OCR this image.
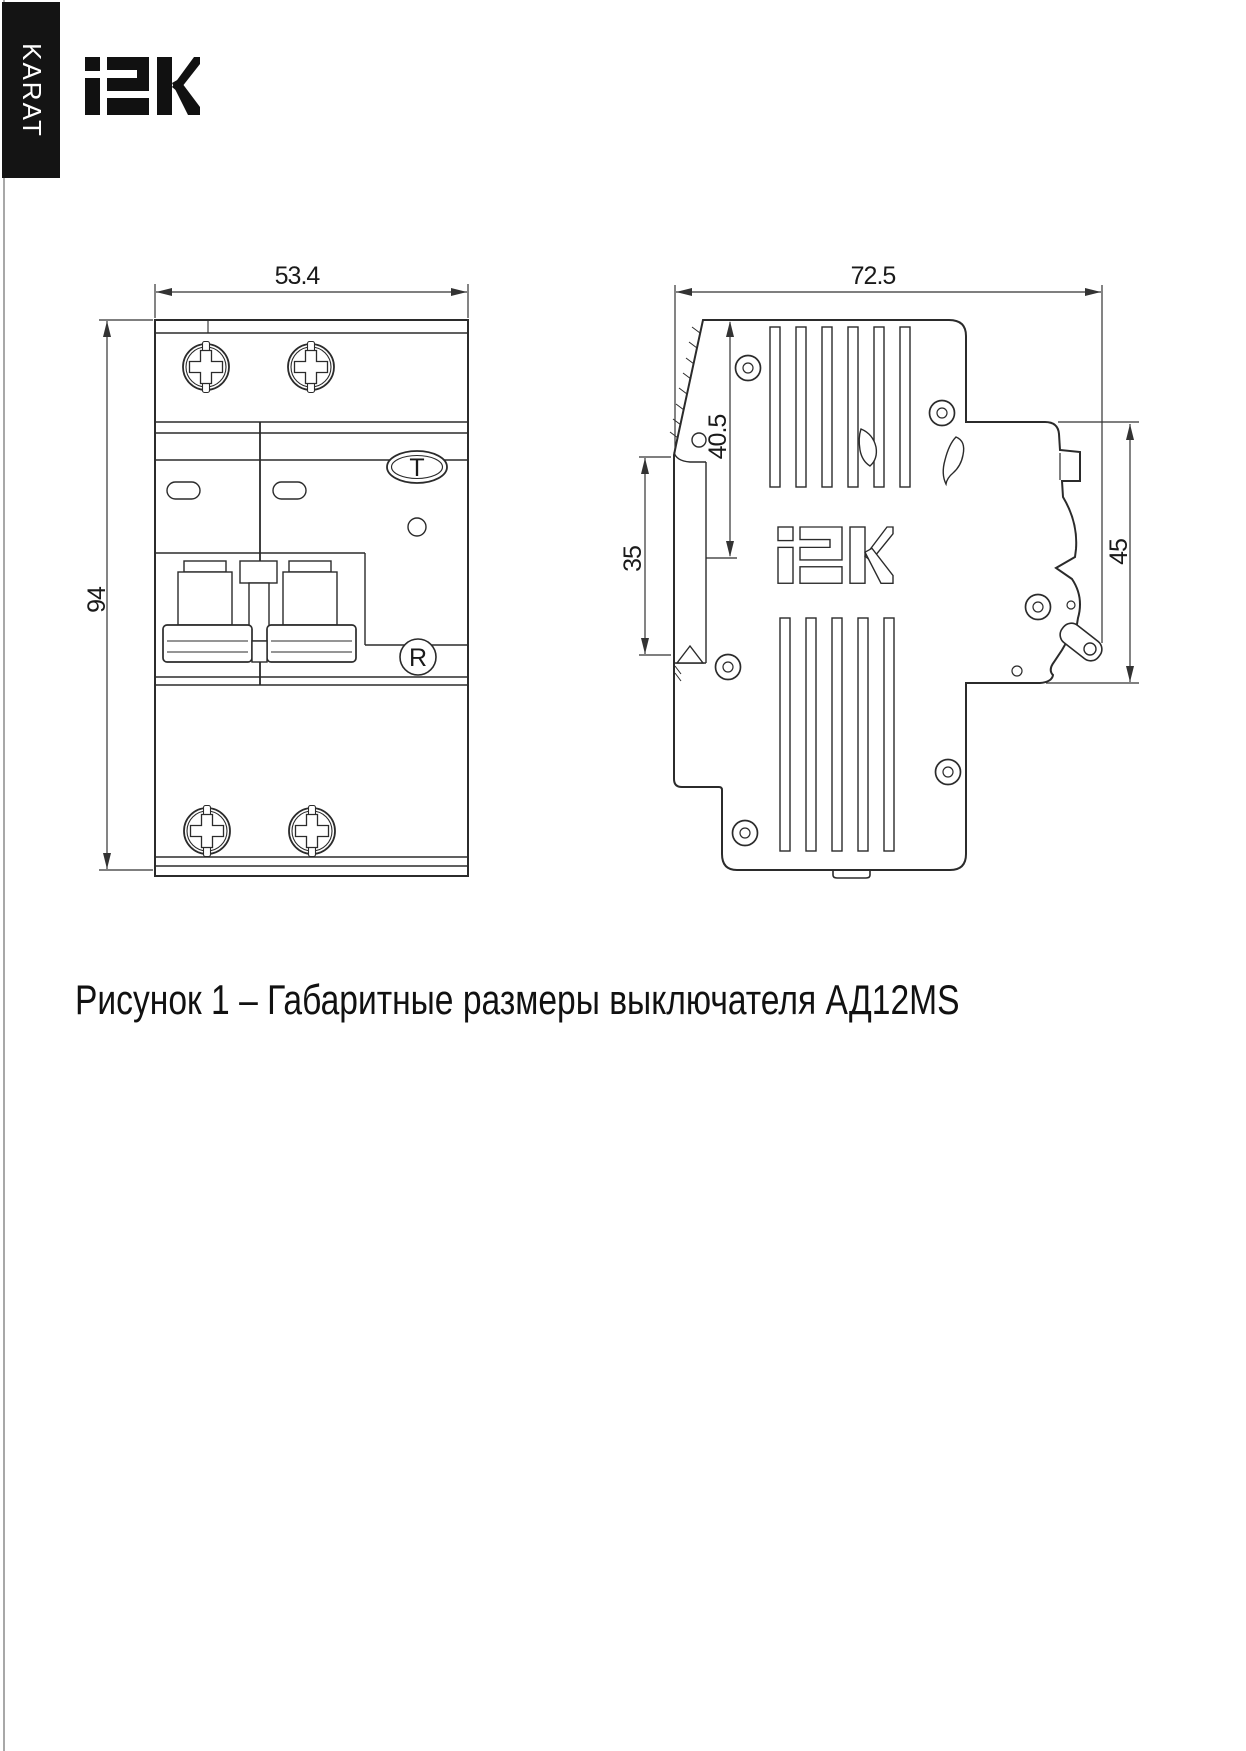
KARAT
T
R
53.4
94
72.5
40.5
35	45
Рисунок 1 – Габаритные размеры выключателя АД12MS
